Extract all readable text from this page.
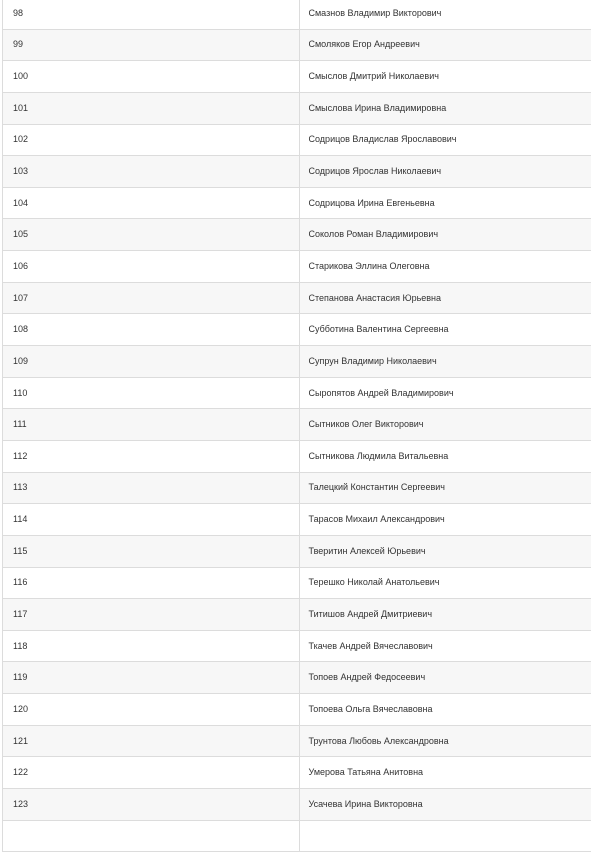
98	Смазнов Владимир Викторович
99	Смоляков Егор Андреевич
100	Смыслов Дмитрий Николаевич
101	Смыслова Ирина Владимировна
102	Содрицов Владислав Ярославович
103	Содрицов Ярослав Николаевич
104	Содрицова Ирина Евгеньевна
105	Соколов Роман Владимирович
106	Старикова Эллина Олеговна
107	Степанова Анастасия Юрьевна
108	Субботина Валентина Сергеевна
109	Супрун Владимир Николаевич
110	Сыропятов Андрей Владимирович
111	Сытников Олег Викторович
112	Сытникова Людмила Витальевна
113	Талецкий Константин Сергеевич
114	Тарасов Михаил Александрович
115	Тверитин Алексей Юрьевич
116	Терешко Николай Анатольевич
117	Титишов Андрей Дмитриевич
118	Ткачев Андрей Вячеславович
119	Топоев Андрей Федосеевич
120	Топоева Ольга Вячеславовна
121	Трунтова Любовь Александровна
122	Умерова Татьяна Анитовна
123	Усачева Ирина Викторовна
